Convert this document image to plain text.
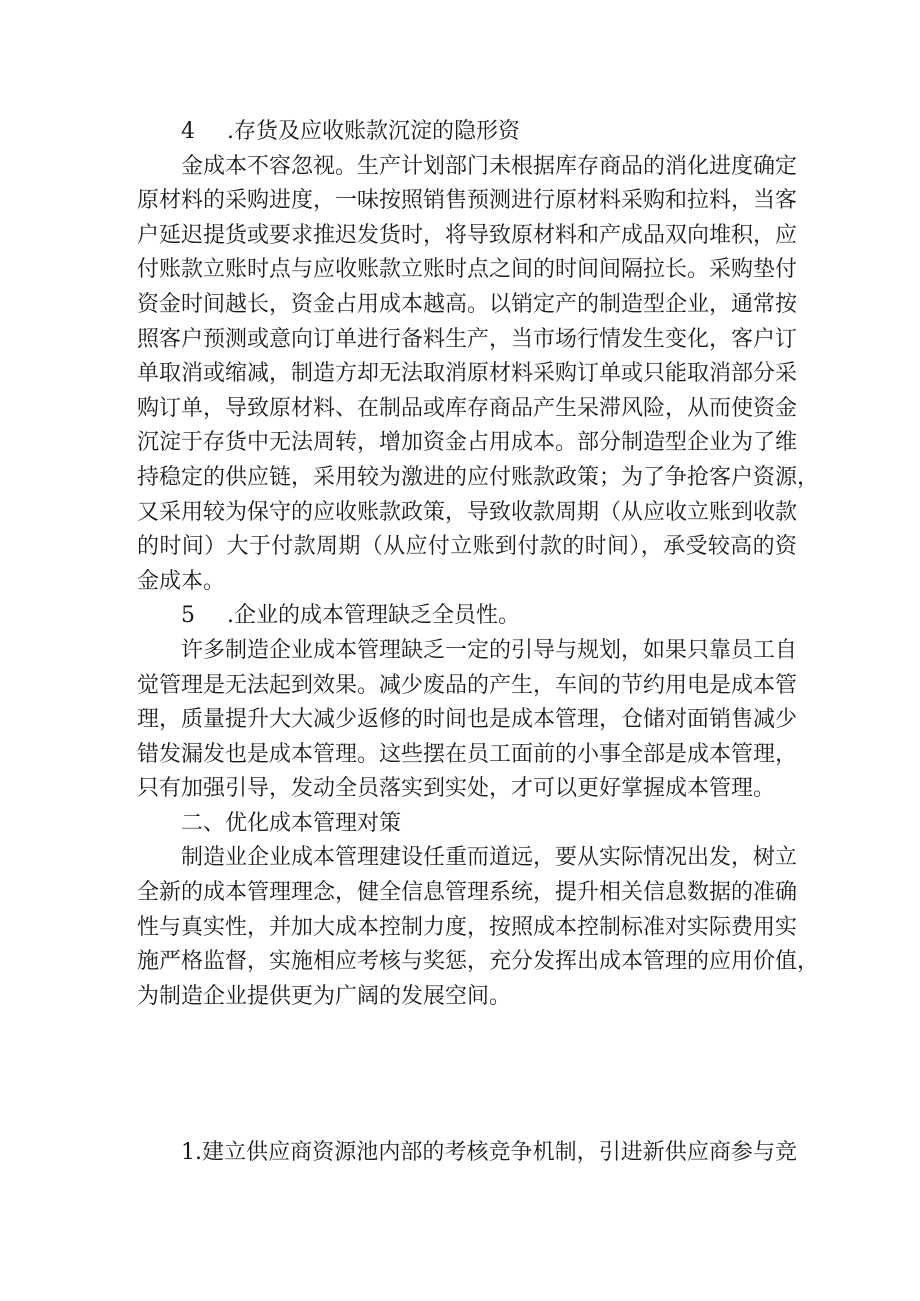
4 .存货及应收账款沉淀的隐形资
金成本不容忽视。生产计划部门未根据库存商品的消化进度确定
原材料的采购进度，一味按照销售预测进行原材料采购和拉料，当客
户延迟提货或要求推迟发货时，将导致原材料和产成品双向堆积，应
付账款立账时点与应收账款立账时点之间的时间间隔拉长。采购垫付
资金时间越长，资金占用成本越高。以销定产的制造型企业，通常按
照客户预测或意向订单进行备料生产，当市场行情发生变化，客户订
单取消或缩减，制造方却无法取消原材料采购订单或只能取消部分采
购订单，导致原材料、在制品或库存商品产生呆滞风险，从而使资金
沉淀于存货中无法周转，增加资金占用成本。部分制造型企业为了维
持稳定的供应链，采用较为激进的应付账款政策；为了争抢客户资源，
又采用较为保守的应收账款政策，导致收款周期（从应收立账到收款
的时间）大于付款周期（从应付立账到付款的时间），承受较高的资
金成本。
5 .企业的成本管理缺乏全员性。
许多制造企业成本管理缺乏一定的引导与规划，如果只靠员工自
觉管理是无法起到效果。减少废品的产生，车间的节约用电是成本管
理，质量提升大大减少返修的时间也是成本管理，仓储对面销售减少
错发漏发也是成本管理。这些摆在员工面前的小事全部是成本管理，
只有加强引导，发动全员落实到实处，才可以更好掌握成本管理。
二、优化成本管理对策
制造业企业成本管理建设任重而道远，要从实际情况出发，树立
全新的成本管理理念，健全信息管理系统，提升相关信息数据的准确
性与真实性，并加大成本控制力度，按照成本控制标准对实际费用实
施严格监督，实施相应考核与奖惩，充分发挥出成本管理的应用价值，
为制造企业提供更为广阔的发展空间。
1.建立供应商资源池内部的考核竞争机制，引进新供应商参与竞
